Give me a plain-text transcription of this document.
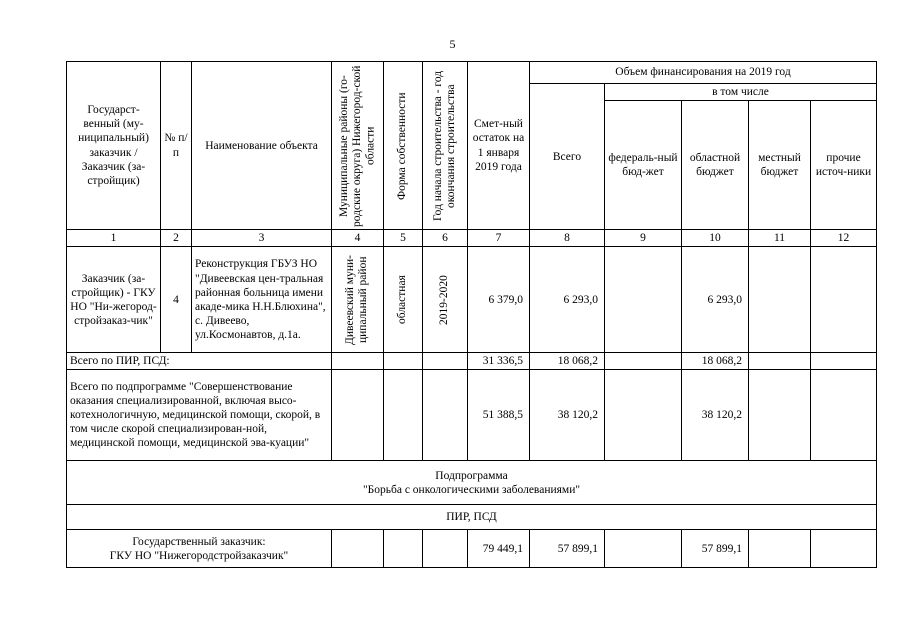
5
Государст-венный (му-ниципальный) заказчик / Заказчик (за-стройщик)	№ п/п	Наименование объекта	Муниципальные районы (го-родские округа) Нижегород-ской области	Форма собственности	Год начала строительства - год окончания строительства	Смет-ный остаток на 1 января 2019 года	Объем финансирования на 2019 год				
							Всего	в том числе			
								федераль-ный бюд-жет	областной бюджет	местный бюджет	прочие источ-ники
1	2	3	4	5	6	7	8	9	10	11	12
Заказчик (за-стройщик) - ГКУ НО "Ни-жегород-стройзаказ-чик"	4	Реконструкция ГБУЗ НО "Дивеевская цен-тральная районная больница имени акаде-мика Н.Н.Блюхина", с. Дивеево, ул.Космонавтов, д.1а.	Дивеевский муни-ципальный район	областная	2019-2020	6 379,0	6 293,0		6 293,0		
Всего по ПИР, ПСД:						31 336,5	18 068,2		18 068,2		
Всего по подпрограмме "Совершенствование оказания специализированной, включая высо-котехнологичную, медицинской помощи, скорой, в том числе скорой специализирован-ной, медицинской помощи, медицинской эва-куации"						51 388,5	38 120,2		38 120,2		

Подпрограмма
"Борьба с онкологическими заболеваниями"											

ПИР, ПСД											

Государственный заказчик:
ГКУ НО "Нижегородстройзаказчик"						79 449,1	57 899,1		57 899,1		
